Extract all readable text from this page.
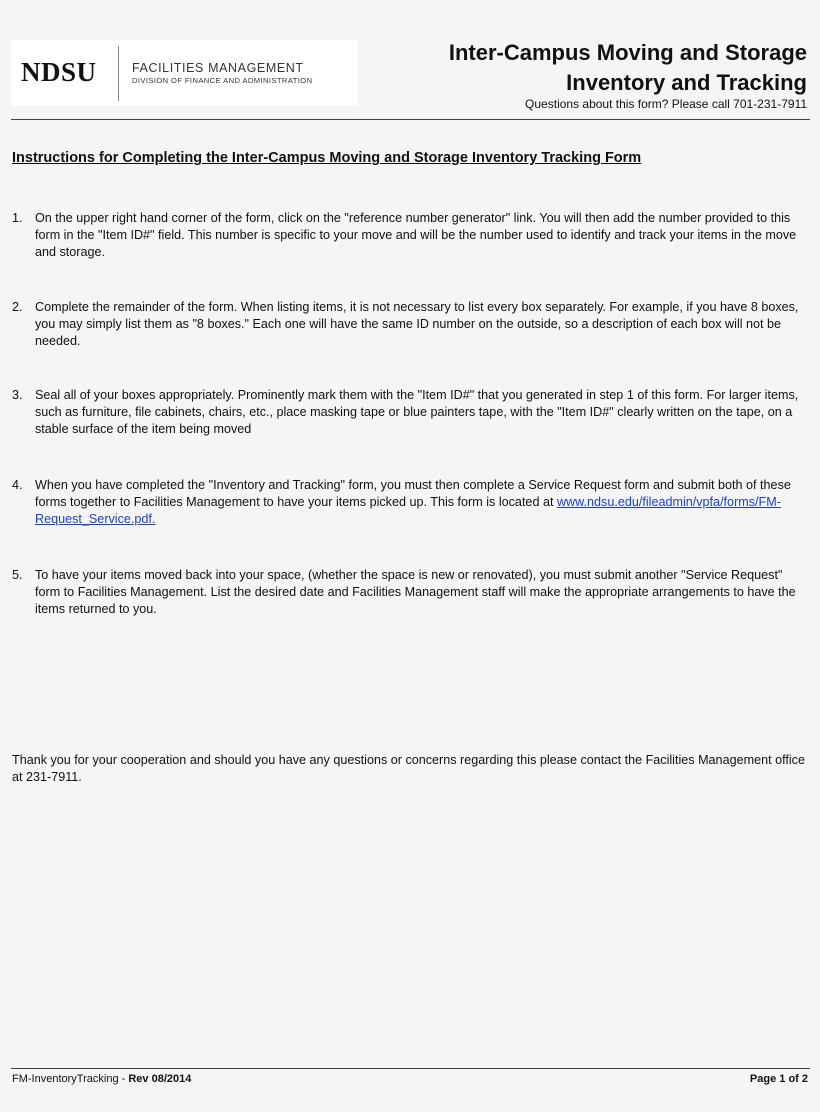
NDSU	FACILITIES MANAGEMENT
DIVISION OF FINANCE AND ADMINISTRATION
Inter-Campus Moving and Storage
Inventory and Tracking
Questions about this form? Please call 701-231-7911
Instructions for Completing the Inter-Campus Moving and Storage Inventory Tracking Form
1. On the upper right hand corner of the form, click on the "reference number generator" link. You will then add the number provided to this form in the "Item ID#" field. This number is specific to your move and will be the number used to identify and track your items in the move and storage.
2. Complete the remainder of the form. When listing items, it is not necessary to list every box separately. For example, if you have 8 boxes, you may simply list them as "8 boxes." Each one will have the same ID number on the outside, so a description of each box will not be needed.
3. Seal all of your boxes appropriately. Prominently mark them with the "Item ID#" that you generated in step 1 of this form. For larger items, such as furniture, file cabinets, chairs, etc., place masking tape or blue painters tape, with the "Item ID#" clearly written on the tape, on a stable surface of the item being moved
4. When you have completed the "Inventory and Tracking" form, you must then complete a Service Request form and submit both of these forms together to Facilities Management to have your items picked up. This form is located at www.ndsu.edu/fileadmin/vpfa/forms/FM-Request_Service.pdf.
5. To have your items moved back into your space, (whether the space is new or renovated), you must submit another "Service Request" form to Facilities Management. List the desired date and Facilities Management staff will make the appropriate arrangements to have the items returned to you.
Thank you for your cooperation and should you have any questions or concerns regarding this please contact the Facilities Management office at 231-7911.
FM-InventoryTracking - Rev 08/2014	Page 1 of 2
